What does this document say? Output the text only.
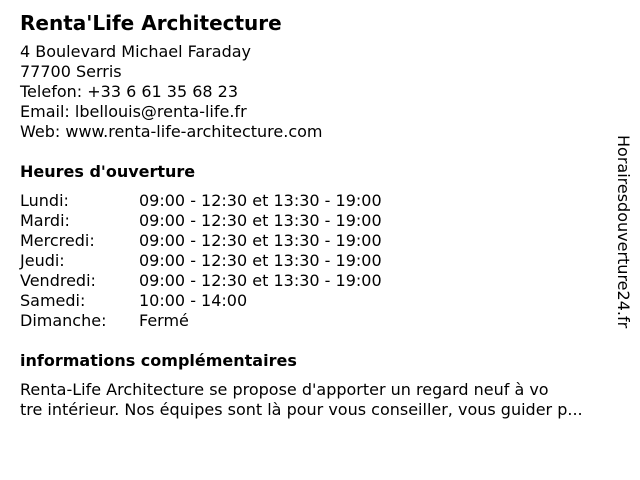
Renta'Life Architecture
4 Boulevard Michael Faraday
77700 Serris
Telefon: +33 6 61 35 68 23
Email: lbellouis@renta-life.fr
Web: www.renta-life-architecture.com
Heures d'ouverture
Lundi:	09:00 - 12:30 et 13:30 - 19:00
Mardi:	09:00 - 12:30 et 13:30 - 19:00
Mercredi:	09:00 - 12:30 et 13:30 - 19:00
Jeudi:	09:00 - 12:30 et 13:30 - 19:00
Vendredi:	09:00 - 12:30 et 13:30 - 19:00
Samedi:	10:00 - 14:00
Dimanche:	Fermé
informations complémentaires
Renta-Life Architecture se propose d'apporter un regard neuf à vo
tre intérieur. Nos équipes sont là pour vous conseiller, vous guider p...
Horairesdouverture24.fr
